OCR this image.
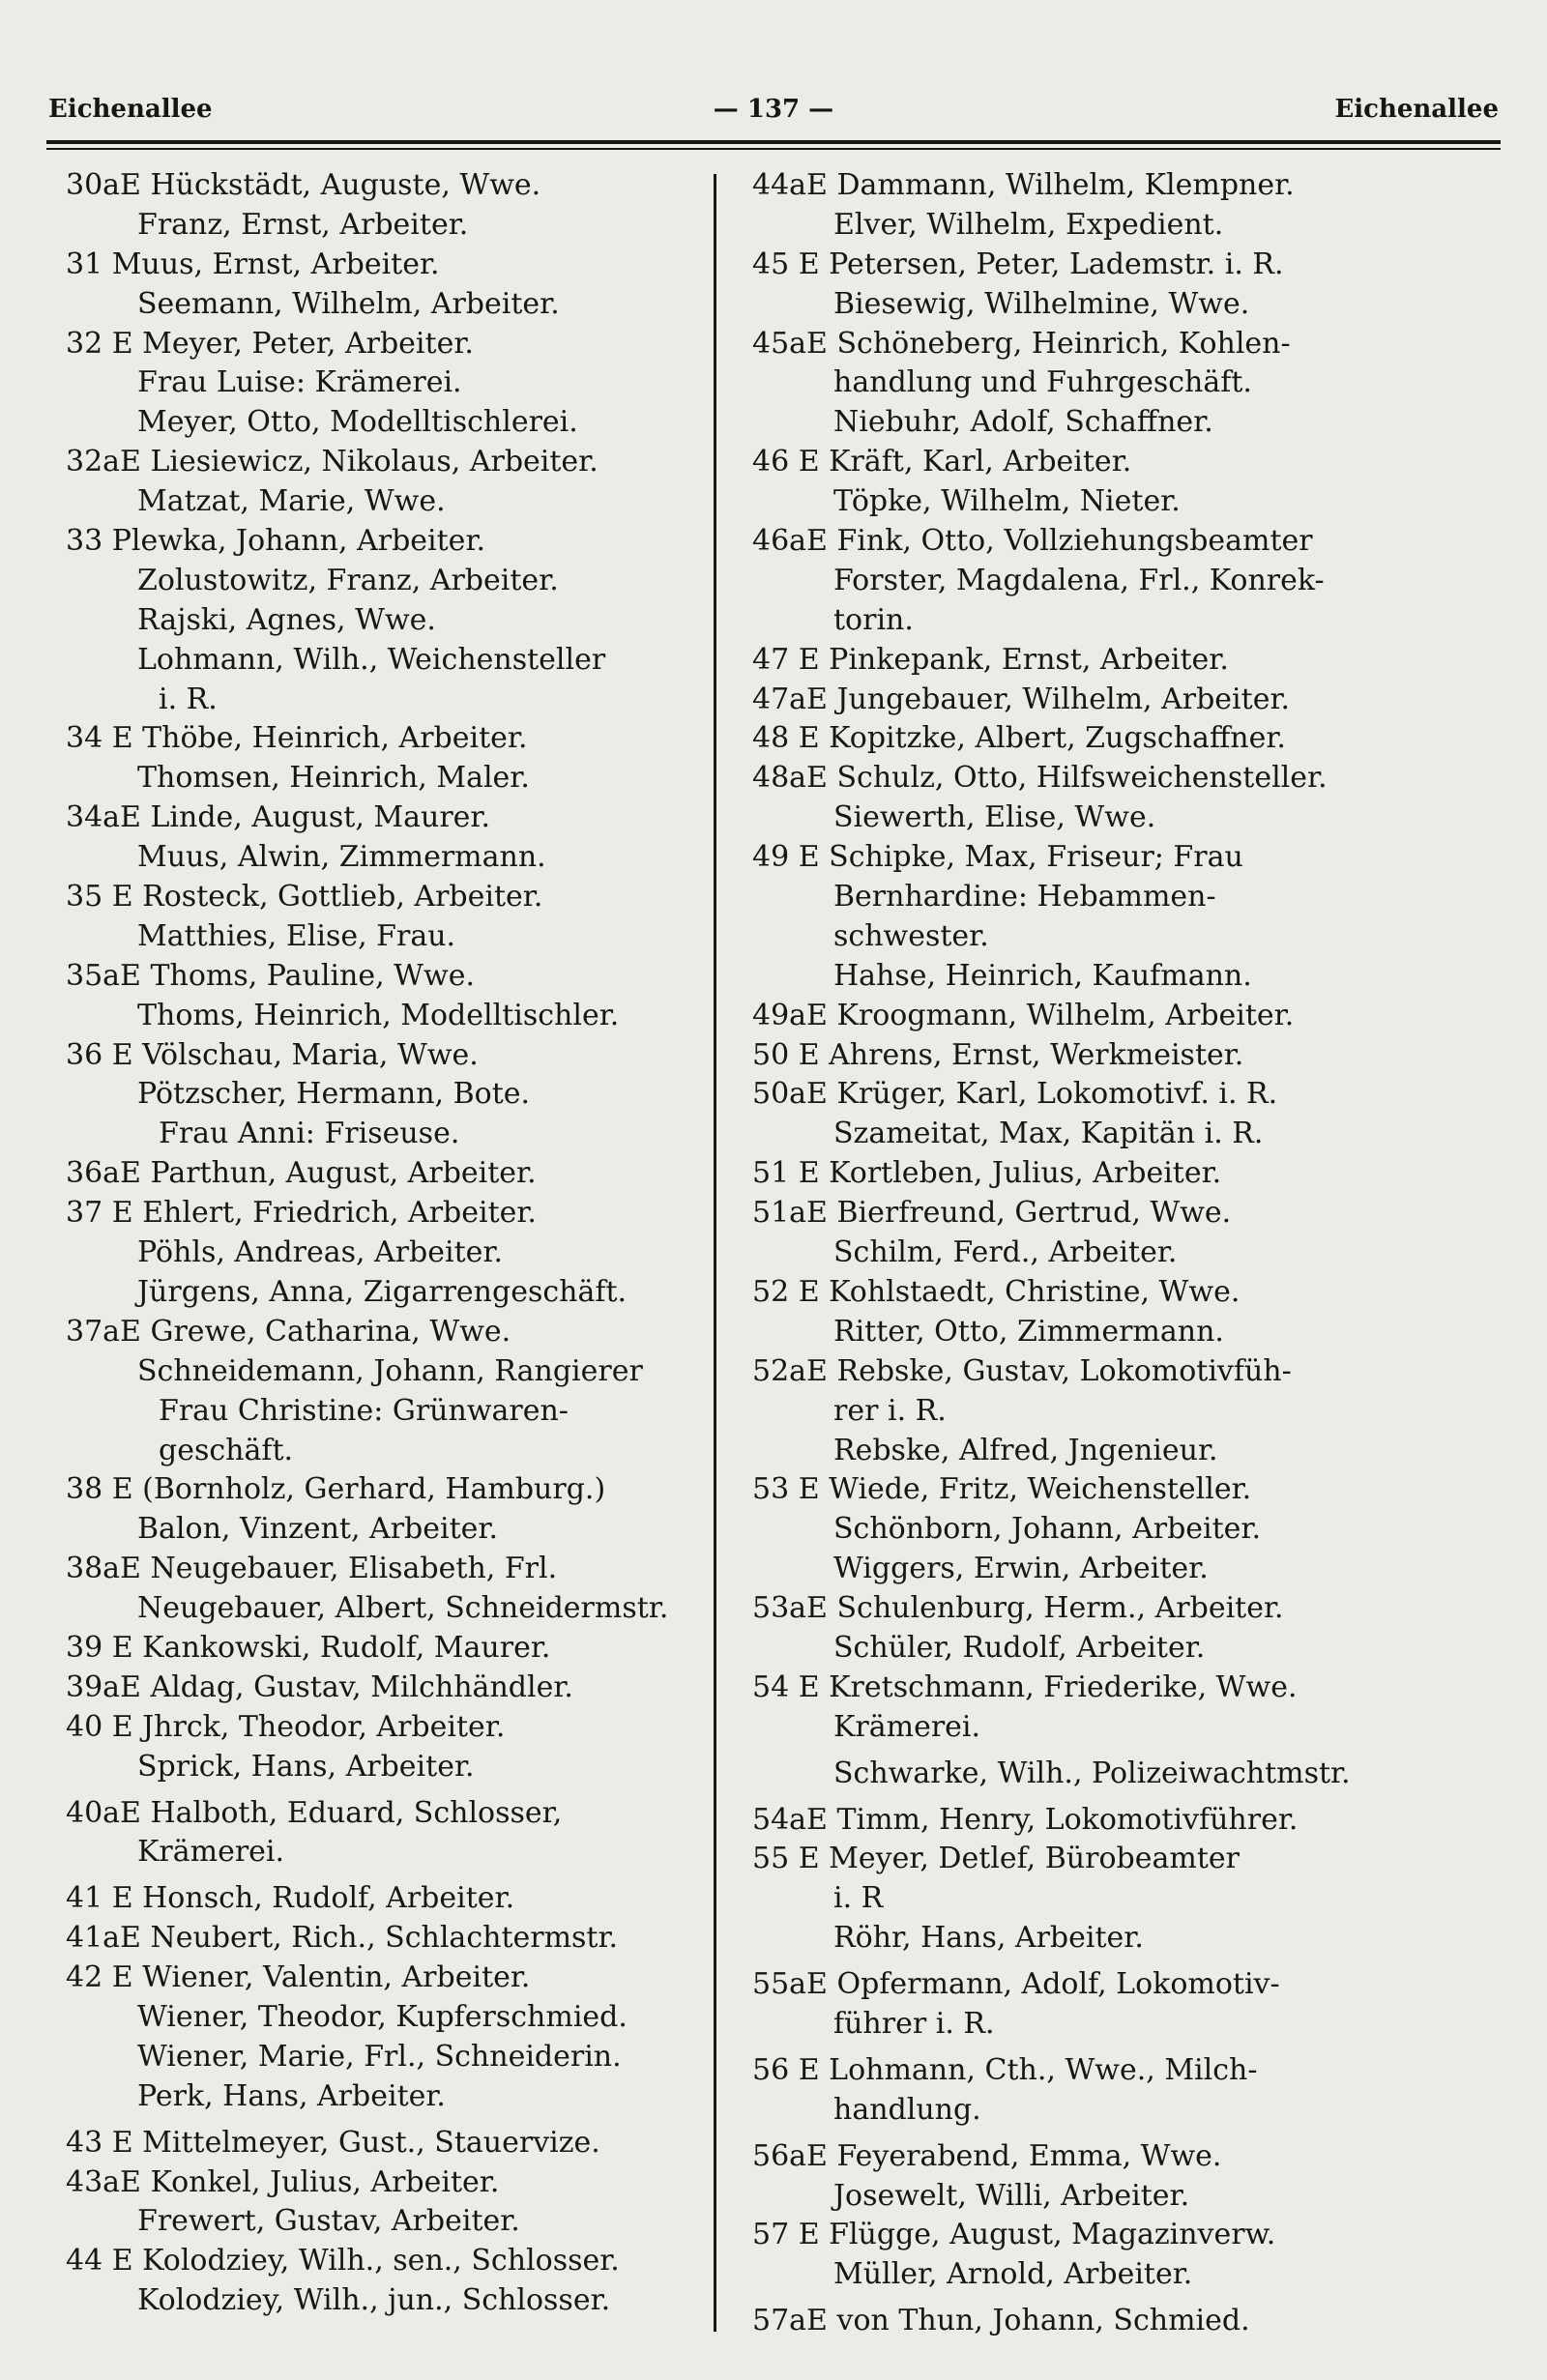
Eichenallee	— 137 —	Eichenallee
30aE Hückstädt, Auguste, Wwe.
Franz, Ernst, Arbeiter.
31 Muus, Ernst, Arbeiter.
Seemann, Wilhelm, Arbeiter.
32 E Meyer, Peter, Arbeiter.
Frau Luise: Krämerei.
Meyer, Otto, Modelltischlerei.
32aE Liesiewicz, Nikolaus, Arbeiter.
Matzat, Marie, Wwe.
33 Plewka, Johann, Arbeiter.
Zolustowitz, Franz, Arbeiter.
Rajski, Agnes, Wwe.
Lohmann, Wilh., Weichensteller
i. R.
34 E Thöbe, Heinrich, Arbeiter.
Thomsen, Heinrich, Maler.
34aE Linde, August, Maurer.
Muus, Alwin, Zimmermann.
35 E Rosteck, Gottlieb, Arbeiter.
Matthies, Elise, Frau.
35aE Thoms, Pauline, Wwe.
Thoms, Heinrich, Modelltischler.
36 E Völschau, Maria, Wwe.
Pötzscher, Hermann, Bote.
Frau Anni: Friseuse.
36aE Parthun, August, Arbeiter.
37 E Ehlert, Friedrich, Arbeiter.
Pöhls, Andreas, Arbeiter.
Jürgens, Anna, Zigarrengeschäft.
37aE Grewe, Catharina, Wwe.
Schneidemann, Johann, Rangierer
Frau Christine: Grünwaren-
geschäft.
38 E (Bornholz, Gerhard, Hamburg.)
Balon, Vinzent, Arbeiter.
38aE Neugebauer, Elisabeth, Frl.
Neugebauer, Albert, Schneidermstr.
39 E Kankowski, Rudolf, Maurer.
39aE Aldag, Gustav, Milchhändler.
40 E Jhrck, Theodor, Arbeiter.
Sprick, Hans, Arbeiter.
40aE Halboth, Eduard, Schlosser,
Krämerei.
41 E Honsch, Rudolf, Arbeiter.
41aE Neubert, Rich., Schlachtermstr.
42 E Wiener, Valentin, Arbeiter.
Wiener, Theodor, Kupferschmied.
Wiener, Marie, Frl., Schneiderin.
Perk, Hans, Arbeiter.
43 E Mittelmeyer, Gust., Stauervize.
43aE Konkel, Julius, Arbeiter.
Frewert, Gustav, Arbeiter.
44 E Kolodziey, Wilh., sen., Schlosser.
Kolodziey, Wilh., jun., Schlosser.
44aE Dammann, Wilhelm, Klempner.
Elver, Wilhelm, Expedient.
45 E Petersen, Peter, Lademstr. i. R.
Biesewig, Wilhelmine, Wwe.
45aE Schöneberg, Heinrich, Kohlen-
handlung und Fuhrgeschäft.
Niebuhr, Adolf, Schaffner.
46 E Kräft, Karl, Arbeiter.
Töpke, Wilhelm, Nieter.
46aE Fink, Otto, Vollziehungsbeamter
Forster, Magdalena, Frl., Konrek-
torin.
47 E Pinkepank, Ernst, Arbeiter.
47aE Jungebauer, Wilhelm, Arbeiter.
48 E Kopitzke, Albert, Zugschaffner.
48aE Schulz, Otto, Hilfsweichensteller.
Siewerth, Elise, Wwe.
49 E Schipke, Max, Friseur; Frau
Bernhardine: Hebammen-
schwester.
Hahse, Heinrich, Kaufmann.
49aE Kroogmann, Wilhelm, Arbeiter.
50 E Ahrens, Ernst, Werkmeister.
50aE Krüger, Karl, Lokomotivf. i. R.
Szameitat, Max, Kapitän i. R.
51 E Kortleben, Julius, Arbeiter.
51aE Bierfreund, Gertrud, Wwe.
Schilm, Ferd., Arbeiter.
52 E Kohlstaedt, Christine, Wwe.
Ritter, Otto, Zimmermann.
52aE Rebske, Gustav, Lokomotivfüh-
rer i. R.
Rebske, Alfred, Jngenieur.
53 E Wiede, Fritz, Weichensteller.
Schönborn, Johann, Arbeiter.
Wiggers, Erwin, Arbeiter.
53aE Schulenburg, Herm., Arbeiter.
Schüler, Rudolf, Arbeiter.
54 E Kretschmann, Friederike, Wwe.
Krämerei.
Schwarke, Wilh., Polizeiwachtmstr.
54aE Timm, Henry, Lokomotivführer.
55 E Meyer, Detlef, Bürobeamter
i. R
Röhr, Hans, Arbeiter.
55aE Opfermann, Adolf, Lokomotiv-
führer i. R.
56 E Lohmann, Cth., Wwe., Milch-
handlung.
56aE Feyerabend, Emma, Wwe.
Josewelt, Willi, Arbeiter.
57 E Flügge, August, Magazinverw.
Müller, Arnold, Arbeiter.
57aE von Thun, Johann, Schmied.
